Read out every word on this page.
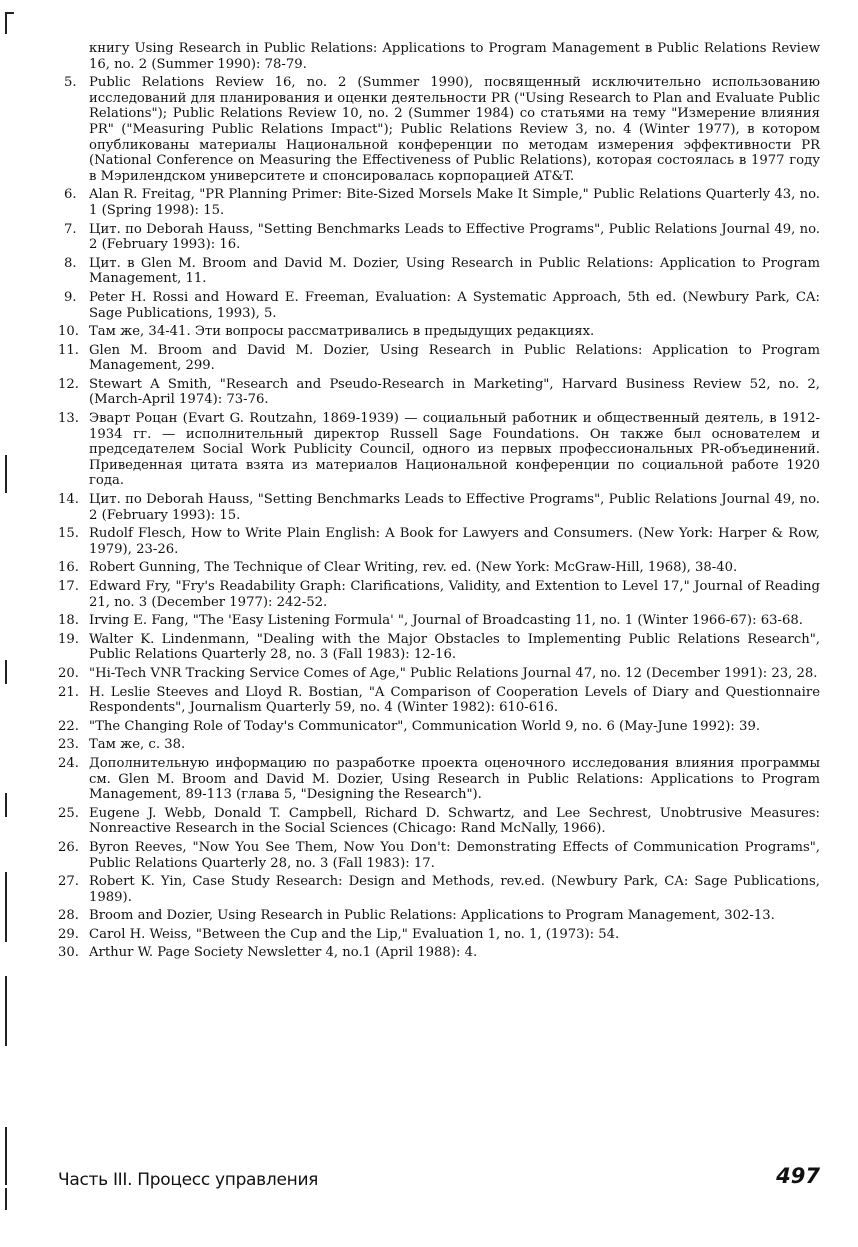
книгу Using Research in Public Relations: Applications to Program Management в Public Relations Review 16, no. 2 (Summer 1990): 78-79.
5. Public Relations Review 16, no. 2 (Summer 1990), посвященный исключительно использованию исследований для планирования и оценки деятельности PR ("Using Research to Plan and Evaluate Public Relations"); Public Relations Review 10, no. 2 (Summer 1984) со статьями на тему "Измерение влияния PR" ("Measuring Public Relations Impact"); Public Relations Review 3, no. 4 (Winter 1977), в котором опубликованы материалы Национальной конференции по методам измерения эффективности PR (National Conference on Measuring the Effectiveness of Public Relations), которая состоялась в 1977 году в Мэрилендском университете и спонсировалась корпорацией AT&T.
6. Alan R. Freitag, "PR Planning Primer: Bite-Sized Morsels Make It Simple," Public Relations Quarterly 43, no. 1 (Spring 1998): 15.
7. Цит. по Deborah Hauss, "Setting Benchmarks Leads to Effective Programs", Public Relations Journal 49, no. 2 (February 1993): 16.
8. Цит. в Glen M. Broom and David M. Dozier, Using Research in Public Relations: Application to Program Management, 11.
9. Peter H. Rossi and Howard E. Freeman, Evaluation: A Systematic Approach, 5th ed. (Newbury Park, CA: Sage Publications, 1993), 5.
10. Там же, 34-41. Эти вопросы рассматривались в предыдущих редакциях.
11. Glen M. Broom and David M. Dozier, Using Research in Public Relations: Application to Program Management, 299.
12. Stewart A Smith, "Research and Pseudo-Research in Marketing", Harvard Business Review 52, no. 2, (March-April 1974): 73-76.
13. Эварт Роцан (Evart G. Routzahn, 1869-1939) — социальный работник и общественный деятель, в 1912-1934 гг. — исполнительный директор Russell Sage Foundations. Он также был основателем и председателем Social Work Publicity Council, одного из первых профессиональных PR-объединений. Приведенная цитата взята из материалов Национальной конференции по социальной работе 1920 года.
14. Цит. по Deborah Hauss, "Setting Benchmarks Leads to Effective Programs", Public Relations Journal 49, no. 2 (February 1993): 15.
15. Rudolf Flesch, How to Write Plain English: A Book for Lawyers and Consumers. (New York: Harper & Row, 1979), 23-26.
16. Robert Gunning, The Technique of Clear Writing, rev. ed. (New York: McGraw-Hill, 1968), 38-40.
17. Edward Fry, "Fry's Readability Graph: Clarifications, Validity, and Extention to Level 17," Journal of Reading 21, no. 3 (December 1977): 242-52.
18. Irving E. Fang, "The 'Easy Listening Formula' ", Journal of Broadcasting 11, no. 1 (Winter 1966-67): 63-68.
19. Walter K. Lindenmann, "Dealing with the Major Obstacles to Implementing Public Relations Research", Public Relations Quarterly 28, no. 3 (Fall 1983): 12-16.
20. "Hi-Tech VNR Tracking Service Comes of Age," Public Relations Journal 47, no. 12 (December 1991): 23, 28.
21. H. Leslie Steeves and Lloyd R. Bostian, "A Comparison of Cooperation Levels of Diary and Questionnaire Respondents", Journalism Quarterly 59, no. 4 (Winter 1982): 610-616.
22. "The Changing Role of Today's Communicator", Communication World 9, no. 6 (May-June 1992): 39.
23. Там же, с. 38.
24. Дополнительную информацию по разработке проекта оценочного исследования влияния программы см. Glen M. Broom and David M. Dozier, Using Research in Public Relations: Applications to Program Management, 89-113 (глава 5, "Designing the Research").
25. Eugene J. Webb, Donald T. Campbell, Richard D. Schwartz, and Lee Sechrest, Unobtrusive Measures: Nonreactive Research in the Social Sciences (Chicago: Rand McNally, 1966).
26. Byron Reeves, "Now You See Them, Now You Don't: Demonstrating Effects of Communication Programs", Public Relations Quarterly 28, no. 3 (Fall 1983): 17.
27. Robert K. Yin, Case Study Research: Design and Methods, rev.ed. (Newbury Park, CA: Sage Publications, 1989).
28. Broom and Dozier, Using Research in Public Relations: Applications to Program Management, 302-13.
29. Carol H. Weiss, "Between the Cup and the Lip," Evaluation 1, no. 1, (1973): 54.
30. Arthur W. Page Society Newsletter 4, no.1 (April 1988): 4.
Часть III. Процесс управления	497
